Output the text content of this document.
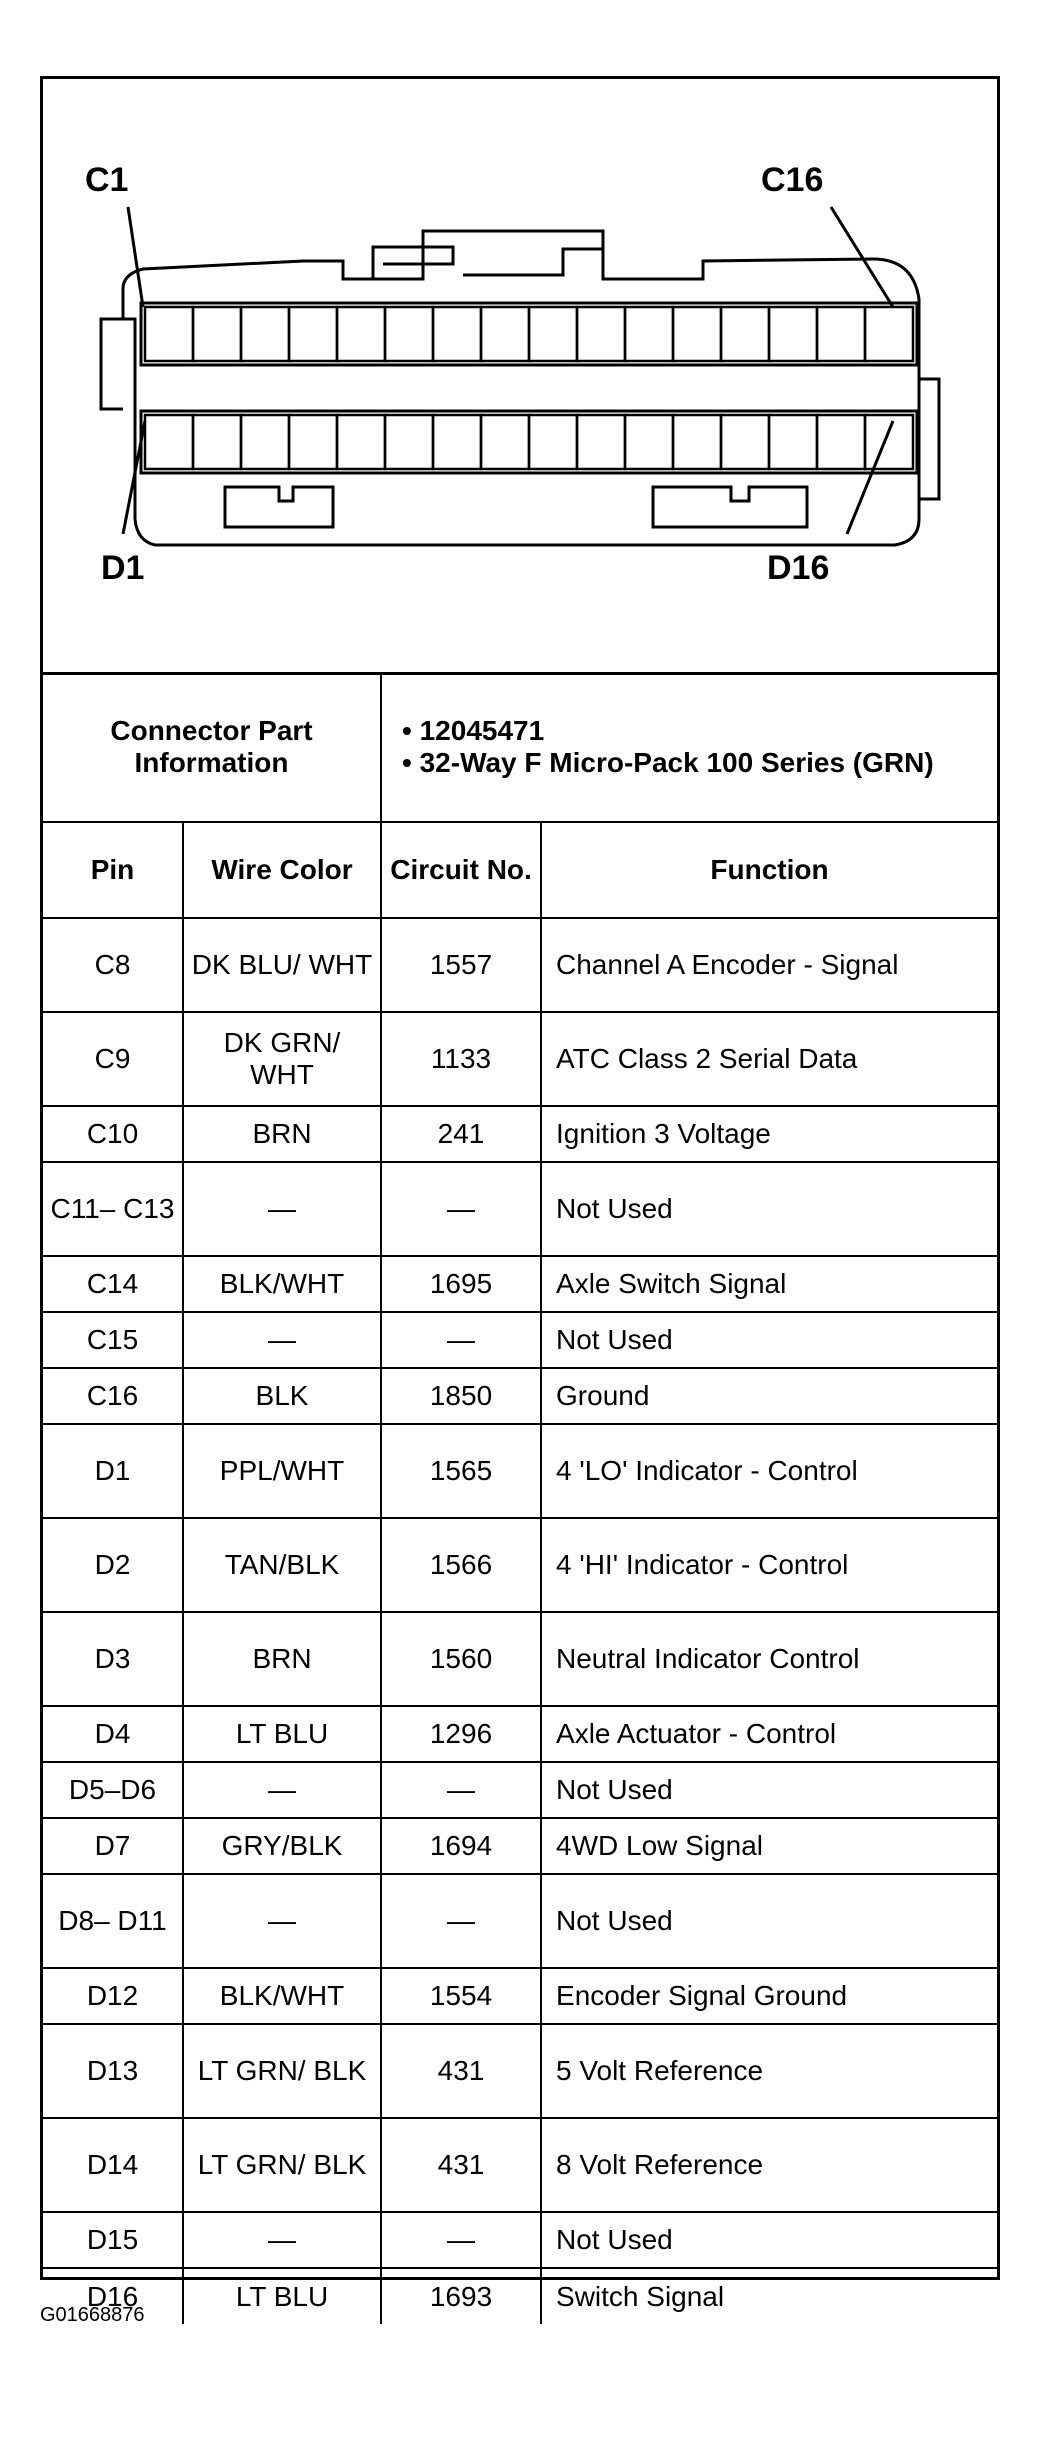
C1	C16
D1	D16
Connector Part Information		• 12045471
• 32-Way F Micro-Pack 100 Series (GRN)	

Pin	Wire Color	Circuit No.	Function
C8	DK BLU/ WHT	1557	Channel A Encoder - Signal
C9	DK GRN/ WHT	1133	ATC Class 2 Serial Data
C10	BRN	241	Ignition 3 Voltage
C11– C13	—	—	Not Used
C14	BLK/WHT	1695	Axle Switch Signal
C15	—	—	Not Used
C16	BLK	1850	Ground
D1	PPL/WHT	1565	4 'LO' Indicator - Control
D2	TAN/BLK	1566	4 'HI' Indicator - Control
D3	BRN	1560	Neutral Indicator Control
D4	LT BLU	1296	Axle Actuator - Control
D5–D6	—	—	Not Used
D7	GRY/BLK	1694	4WD Low Signal
D8– D11	—	—	Not Used
D12	BLK/WHT	1554	Encoder Signal Ground
D13	LT GRN/ BLK	431	5 Volt Reference
D14	LT GRN/ BLK	431	8 Volt Reference
D15	—	—	Not Used
D16	LT BLU	1693	Switch Signal
G01668876
